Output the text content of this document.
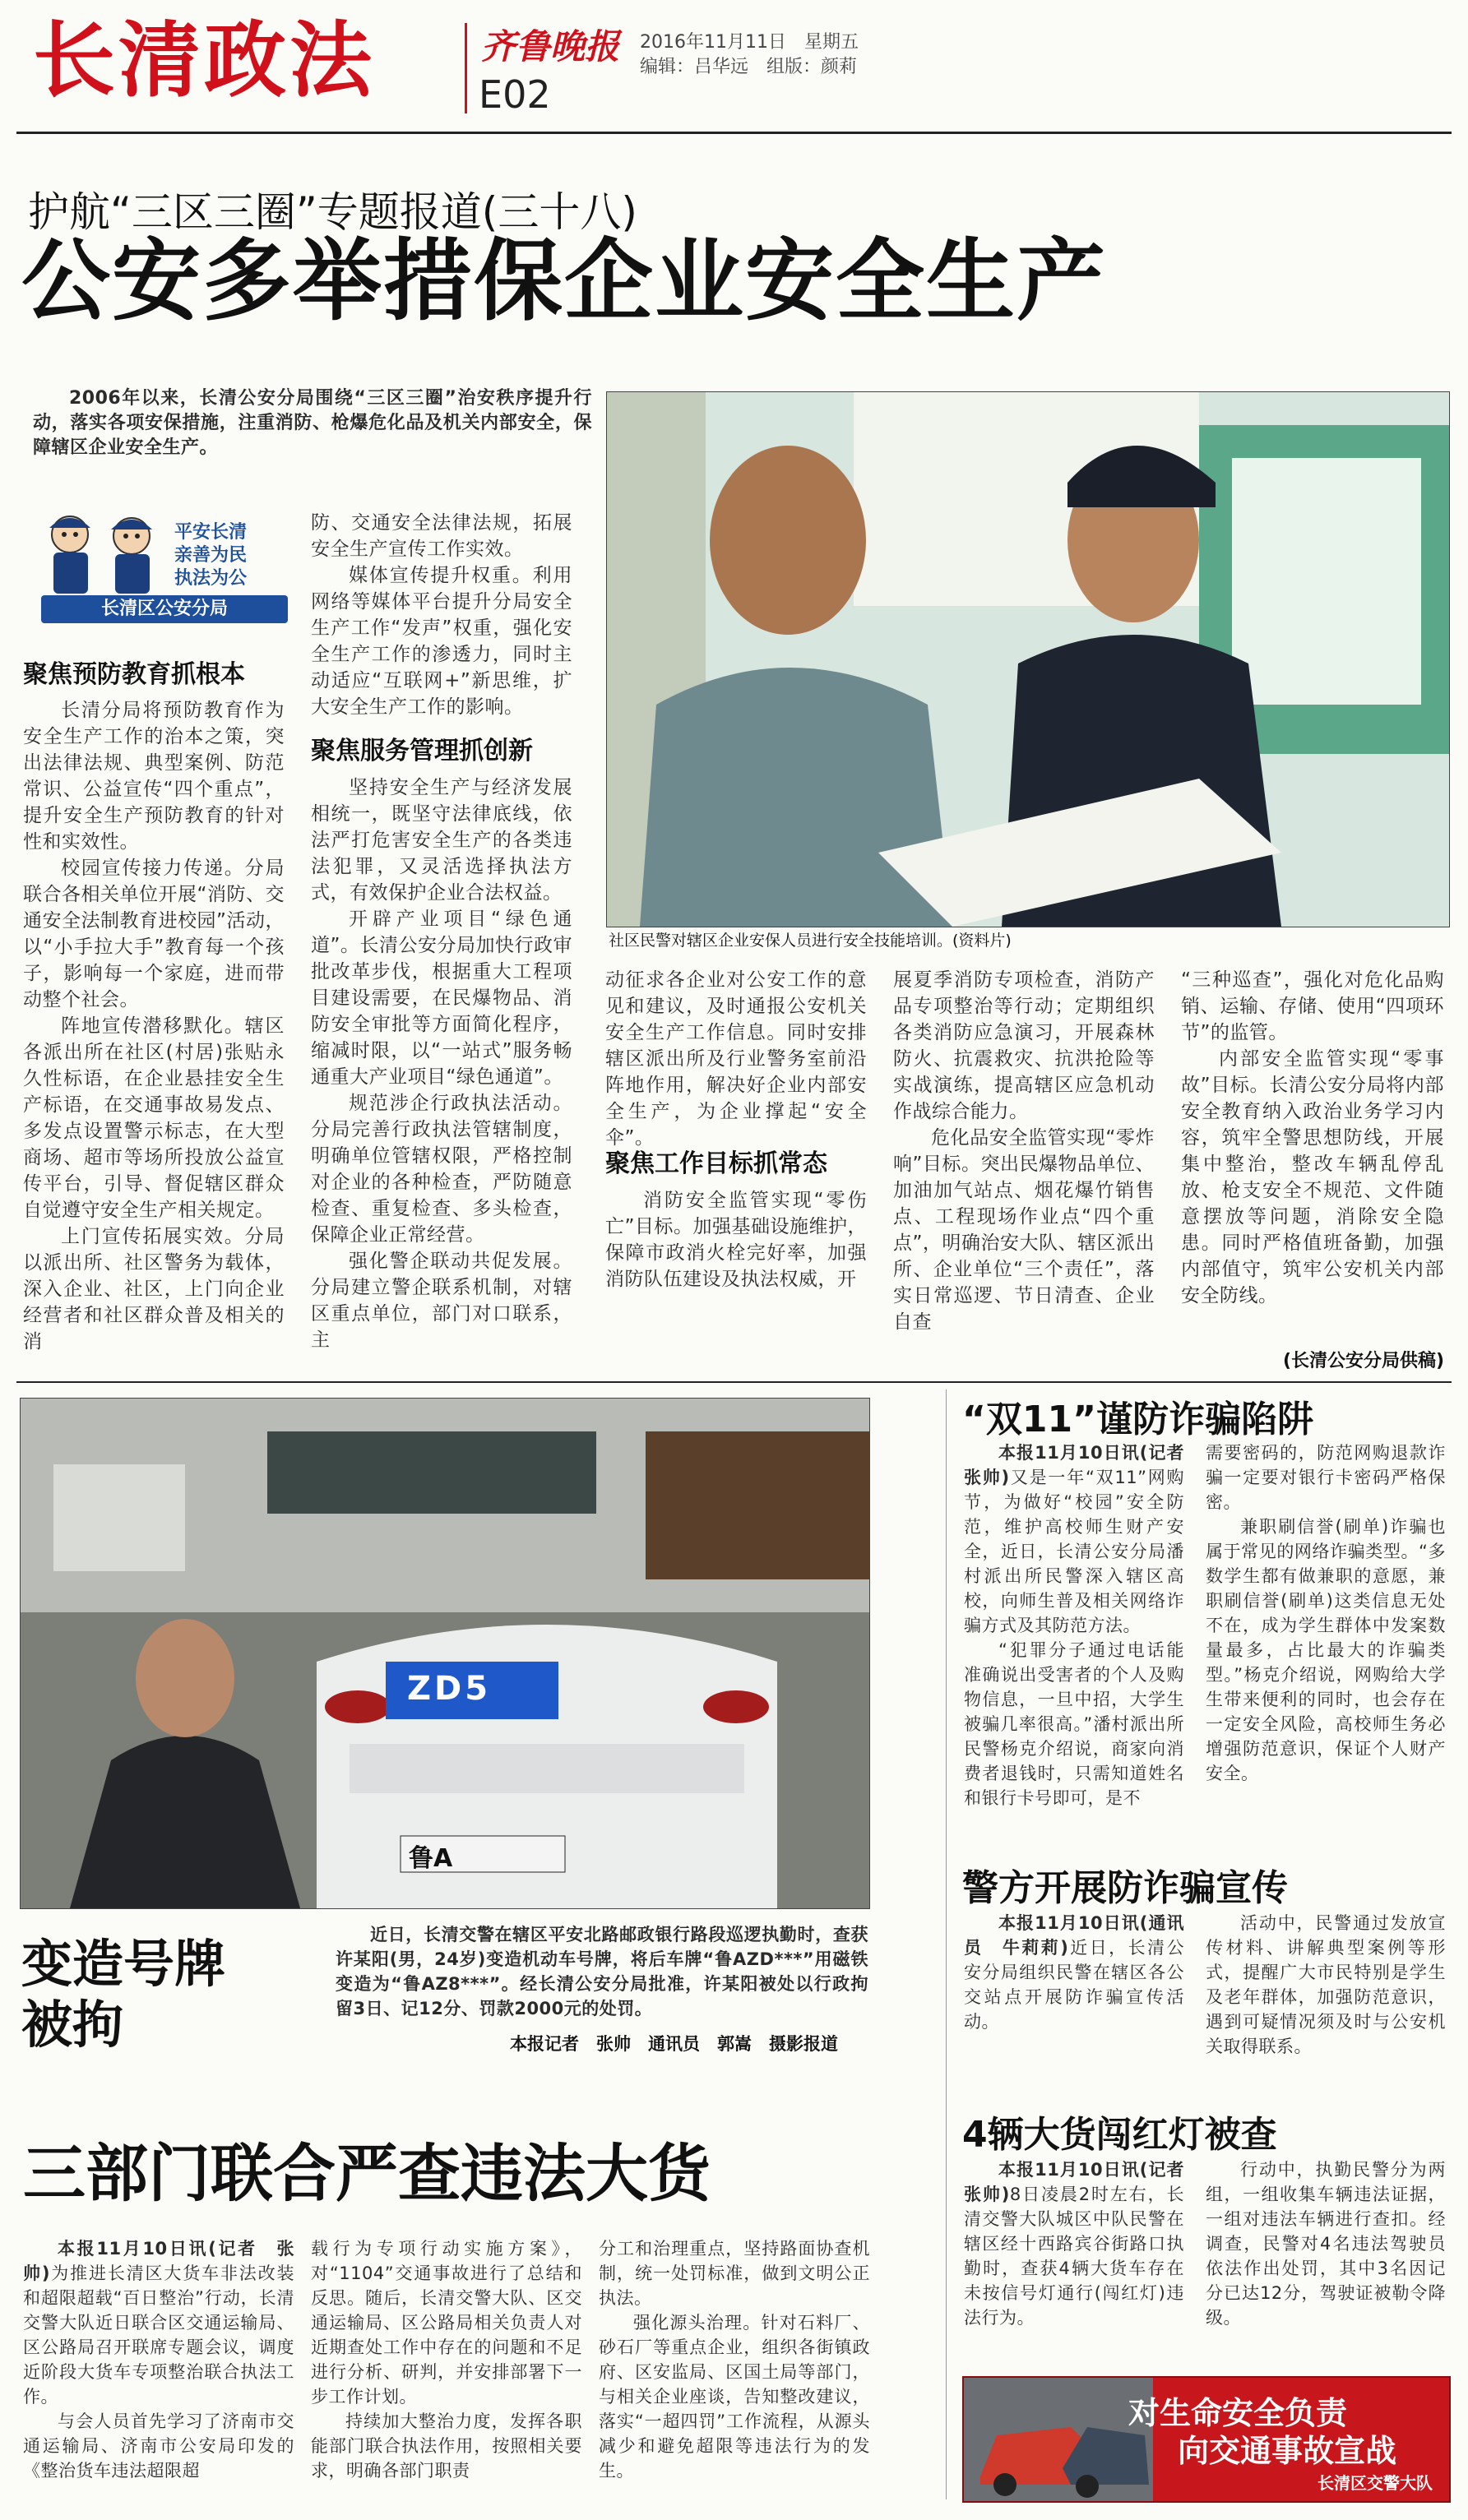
长清政法	齐鲁晚报
E02
2016年11月11日　星期五
编辑：吕华远　组版：颜莉
护航“三区三圈”专题报道(三十八)
公安多举措保企业安全生产

2006年以来，长清公安分局围绕“三区三圈”治安秩序提升行动，落实各项安保措施，注重消防、枪爆危化品及机关内部安全，保障辖区企业安全生产。

平安长清
亲善为民
执法为公
长清区公安分局
聚焦预防教育抓根本

长清分局将预防教育作为安全生产工作的治本之策，突出法律法规、典型案例、防范常识、公益宣传“四个重点”，提升安全生产预防教育的针对性和实效性。

校园宣传接力传递。分局联合各相关单位开展“消防、交通安全法制教育进校园”活动，以“小手拉大手”教育每一个孩子，影响每一个家庭，进而带动整个社会。

阵地宣传潜移默化。辖区各派出所在社区(村居)张贴永久性标语，在企业悬挂安全生产标语，在交通事故易发点、多发点设置警示标志，在大型商场、超市等场所投放公益宣传平台，引导、督促辖区群众自觉遵守安全生产相关规定。

上门宣传拓展实效。分局以派出所、社区警务为载体，深入企业、社区，上门向企业经营者和社区群众普及相关的消

防、交通安全法律法规，拓展安全生产宣传工作实效。

媒体宣传提升权重。利用网络等媒体平台提升分局安全生产工作“发声”权重，强化安全生产工作的渗透力，同时主动适应“互联网+”新思维，扩大安全生产工作的影响。

聚焦服务管理抓创新

坚持安全生产与经济发展相统一，既坚守法律底线，依法严打危害安全生产的各类违法犯罪，又灵活选择执法方式，有效保护企业合法权益。

开辟产业项目“绿色通道”。长清公安分局加快行政审批改革步伐，根据重大工程项目建设需要，在民爆物品、消防安全审批等方面简化程序，缩减时限，以“一站式”服务畅通重大产业项目“绿色通道”。

规范涉企行政执法活动。分局完善行政执法管辖制度，明确单位管辖权限，严格控制对企业的各种检查，严防随意检查、重复检查、多头检查，保障企业正常经营。

强化警企联动共促发展。分局建立警企联系机制，对辖区重点单位，部门对口联系，主

社区民警对辖区企业安保人员进行安全技能培训。(资料片)

动征求各企业对公安工作的意见和建议，及时通报公安机关安全生产工作信息。同时安排辖区派出所及行业警务室前沿阵地作用，解决好企业内部安全生产，为企业撑起“安全伞”。

聚焦工作目标抓常态

消防安全监管实现“零伤亡”目标。加强基础设施维护，保障市政消火栓完好率，加强消防队伍建设及执法权威，开

展夏季消防专项检查，消防产品专项整治等行动；定期组织各类消防应急演习，开展森林防火、抗震救灾、抗洪抢险等实战演练，提高辖区应急机动作战综合能力。

危化品安全监管实现“零炸响”目标。突出民爆物品单位、加油加气站点、烟花爆竹销售点、工程现场作业点“四个重点”，明确治安大队、辖区派出所、企业单位“三个责任”，落实日常巡逻、节日清查、企业自查

“三种巡查”，强化对危化品购销、运输、存储、使用“四项环节”的监管。

内部安全监管实现“零事故”目标。长清公安分局将内部安全教育纳入政治业务学习内容，筑牢全警思想防线，开展集中整治，整改车辆乱停乱放、枪支安全不规范、文件随意摆放等问题，消除安全隐患。同时严格值班备勤，加强内部值守，筑牢公安机关内部安全防线。

(长清公安分局供稿)
ZD5
鲁A
变造号牌
被拘

近日，长清交警在辖区平安北路邮政银行路段巡逻执勤时，查获许某阳(男，24岁)变造机动车号牌，将后车牌“鲁AZD***”用磁铁变造为“鲁AZ8***”。经长清公安分局批准，许某阳被处以行政拘留3日、记12分、罚款2000元的处罚。

本报记者　张帅　通讯员　郭嵩　摄影报道
“双11”谨防诈骗陷阱

本报11月10日讯(记者　张帅)又是一年“双11”网购节，为做好“校园”安全防范，维护高校师生财产安全，近日，长清公安分局潘村派出所民警深入辖区高校，向师生普及相关网络诈骗方式及其防范方法。

“犯罪分子通过电话能准确说出受害者的个人及购物信息，一旦中招，大学生被骗几率很高。”潘村派出所民警杨克介绍说，商家向消费者退钱时，只需知道姓名和银行卡号即可，是不

需要密码的，防范网购退款诈骗一定要对银行卡密码严格保密。

兼职刷信誉(刷单)诈骗也属于常见的网络诈骗类型。“多数学生都有做兼职的意愿，兼职刷信誉(刷单)这类信息无处不在，成为学生群体中发案数量最多，占比最大的诈骗类型。”杨克介绍说，网购给大学生带来便利的同时，也会存在一定安全风险，高校师生务必增强防范意识，保证个人财产安全。

警方开展防诈骗宣传

本报11月10日讯(通讯员　牛莉莉)近日，长清公安分局组织民警在辖区各公交站点开展防诈骗宣传活动。

活动中，民警通过发放宣传材料、讲解典型案例等形式，提醒广大市民特别是学生及老年群体，加强防范意识，遇到可疑情况须及时与公安机关取得联系。

4辆大货闯红灯被查

本报11月10日讯(记者　张帅)8日凌晨2时左右，长清交警大队城区中队民警在辖区经十西路宾谷街路口执勤时，查获4辆大货车存在未按信号灯通行(闯红灯)违法行为。

行动中，执勤民警分为两组，一组收集车辆违法证据，一组对违法车辆进行查扣。经调查，民警对4名违法驾驶员依法作出处罚，其中3名因记分已达12分，驾驶证被勒令降级。

对生命安全负责
向交通事故宣战
长清区交警大队
三部门联合严查违法大货

本报11月10日讯(记者　张帅)为推进长清区大货车非法改装和超限超载“百日整治”行动，长清交警大队近日联合区交通运输局、区公路局召开联席专题会议，调度近阶段大货车专项整治联合执法工作。

与会人员首先学习了济南市交通运输局、济南市公安局印发的《整治货车违法超限超

载行为专项行动实施方案》，对“1104”交通事故进行了总结和反思。随后，长清交警大队、区交通运输局、区公路局相关负责人对近期查处工作中存在的问题和不足进行分析、研判，并安排部署下一步工作计划。

持续加大整治力度，发挥各职能部门联合执法作用，按照相关要求，明确各部门职责

分工和治理重点，坚持路面协查机制，统一处罚标准，做到文明公正执法。

强化源头治理。针对石料厂、砂石厂等重点企业，组织各街镇政府、区安监局、区国土局等部门，与相关企业座谈，告知整改建议，落实“一超四罚”工作流程，从源头减少和避免超限等违法行为的发生。
